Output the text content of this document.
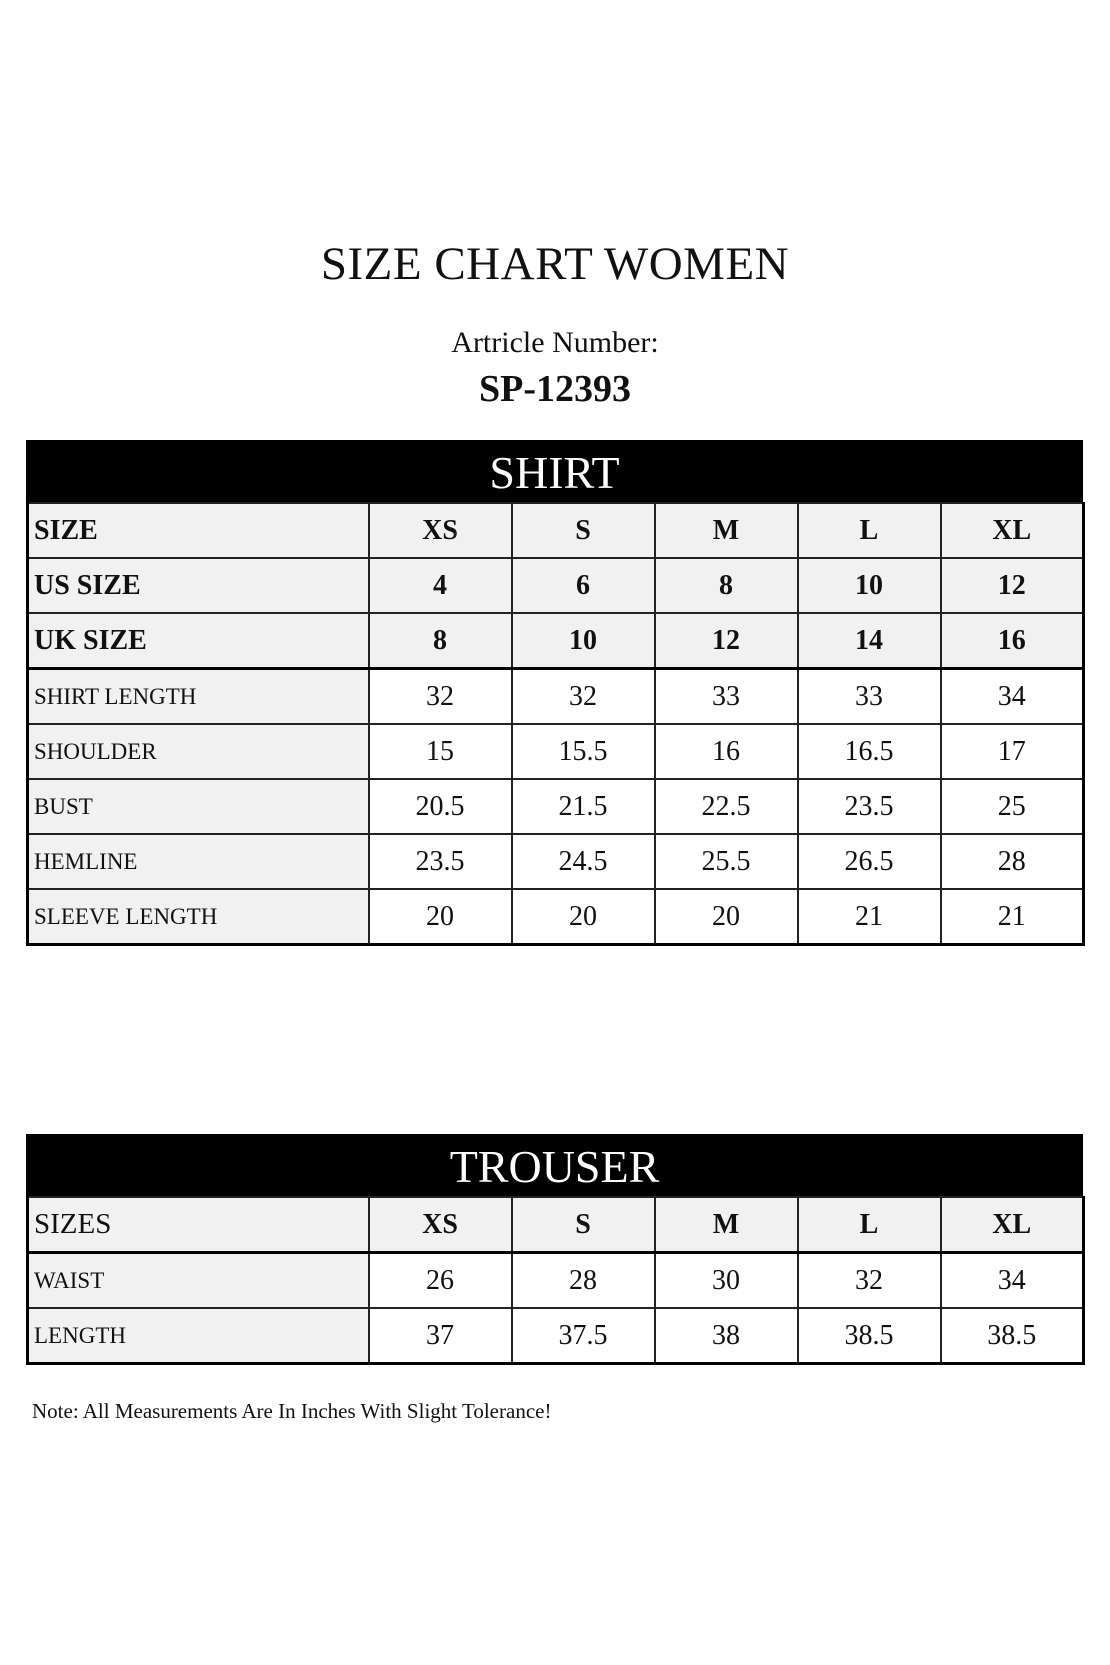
SIZE CHART WOMEN
Artricle Number:
SP-12393
SHIRT
SIZE	XS	S	M	L	XL
US SIZE	4	6	8	10	12
UK SIZE	8	10	12	14	16
SHIRT LENGTH	32	32	33	33	34
SHOULDER	15	15.5	16	16.5	17
BUST	20.5	21.5	22.5	23.5	25
HEMLINE	23.5	24.5	25.5	26.5	28
SLEEVE LENGTH	20	20	20	21	21
TROUSER
SIZES	XS	S	M	L	XL
WAIST	26	28	30	32	34
LENGTH	37	37.5	38	38.5	38.5
Note: All Measurements Are In Inches With Slight Tolerance!
